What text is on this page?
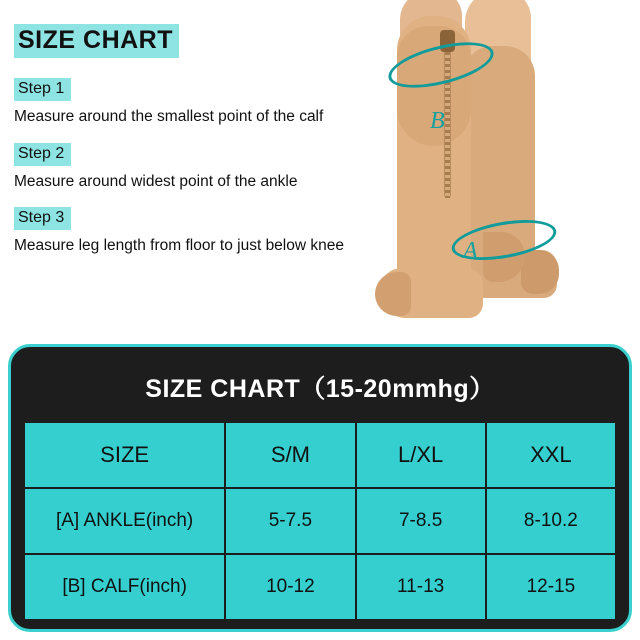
B
A
SIZE CHART
Step 1
Measure around the smallest point of the calf
Step 2
Measure around widest point of the ankle
Step 3
Measure leg length from floor to just below knee
SIZE CHART（15-20mmhg）
SIZE	S/M	L/XL	XXL
[A] ANKLE(inch)	5-7.5	7-8.5	8-10.2
[B] CALF(inch)	10-12	11-13	12-15
